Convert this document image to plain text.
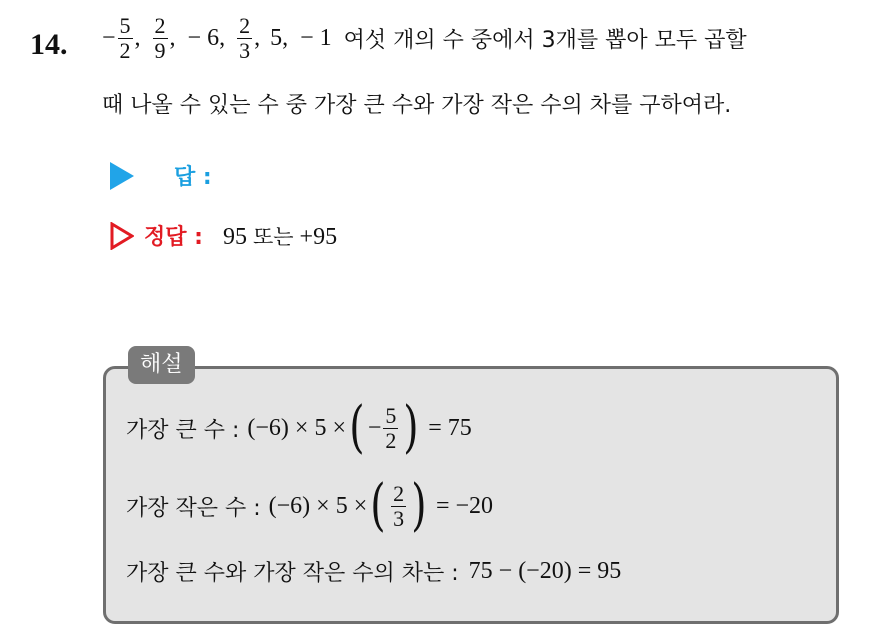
14. − $\frac{5}{2}$ , $\frac{2}{9}$ , − 6, $\frac{2}{3}$ , 5, − 1 여섯 개의 수 중에서 3개를 뽑아 모두 곱할
때 나올 수 있는 수 중 가장 큰 수와 가장 작은 수의 차를 구하여라.
답 :
정답 : 95 또는 +95
해설
가장 큰 수 : (−6) × 5 × ( − $\frac{5}{2}$ ) = 75
가장 작은 수 : (−6) × 5 × ( $\frac{2}{3}$ ) = −20
가장 큰 수와 가장 작은 수의 차는 : 75 − (−20) = 95
